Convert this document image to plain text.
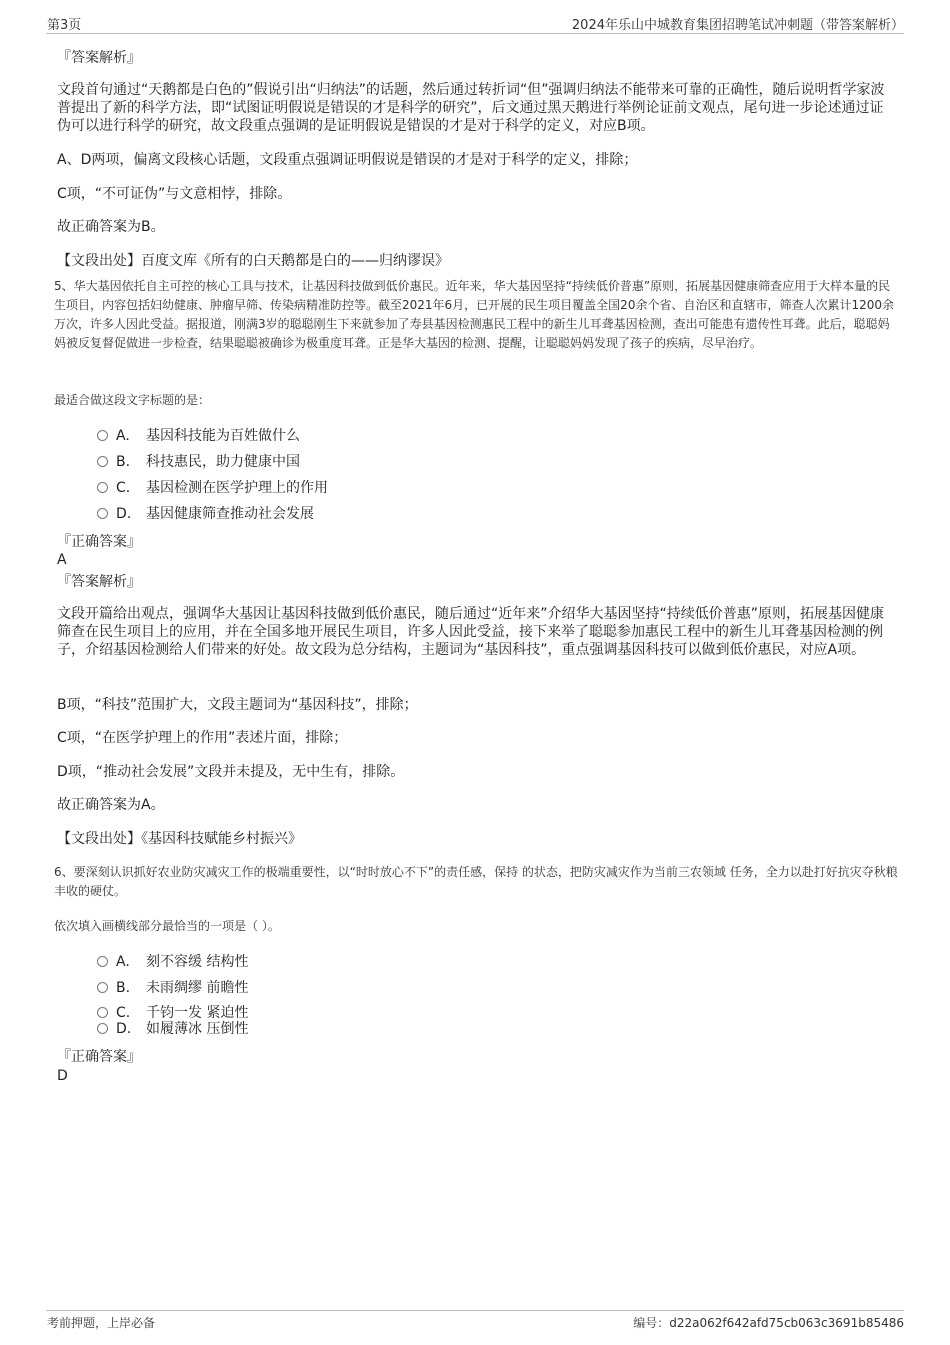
第3页	2024年乐山中城教育集团招聘笔试冲刺题（带答案解析）
『答案解析』
文段首句通过“天鹅都是白色的”假说引出“归纳法”的话题，然后通过转折词“但”强调归纳法不能带来可靠的正确性，随后说明哲学家波普提出了新的科学方法，即“试图证明假说是错误的才是科学的研究”，后文通过黑天鹅进行举例论证前文观点，尾句进一步论述通过证伪可以进行科学的研究，故文段重点强调的是证明假说是错误的才是对于科学的定义，对应B项。
A、D两项，偏离文段核心话题，文段重点强调证明假说是错误的才是对于科学的定义，排除；
C项，“不可证伪”与文意相悖，排除。
故正确答案为B。
【文段出处】百度文库《所有的白天鹅都是白的——归纳谬误》
5、华大基因依托自主可控的核心工具与技术，让基因科技做到低价惠民。近年来，华大基因坚持“持续低价普惠”原则，拓展基因健康筛查应用于大样本量的民生项目，内容包括妇幼健康、肿瘤早筛、传染病精准防控等。截至2021年6月，已开展的民生项目覆盖全国20余个省、自治区和直辖市，筛查人次累计1200余万次，许多人因此受益。据报道，刚满3岁的聪聪刚生下来就参加了寿县基因检测惠民工程中的新生儿耳聋基因检测，查出可能患有遗传性耳聋。此后，聪聪妈妈被反复督促做进一步检查，结果聪聪被确诊为极重度耳聋。正是华大基因的检测、提醒，让聪聪妈妈发现了孩子的疾病，尽早治疗。
最适合做这段文字标题的是：
A. 基因科技能为百姓做什么
B. 科技惠民，助力健康中国
C. 基因检测在医学护理上的作用
D. 基因健康筛查推动社会发展
『正确答案』
A
『答案解析』
文段开篇给出观点，强调华大基因让基因科技做到低价惠民，随后通过“近年来”介绍华大基因坚持“持续低价普惠”原则，拓展基因健康筛查在民生项目上的应用，并在全国多地开展民生项目，许多人因此受益，接下来举了聪聪参加惠民工程中的新生儿耳聋基因检测的例子，介绍基因检测给人们带来的好处。故文段为总分结构，主题词为“基因科技”，重点强调基因科技可以做到低价惠民，对应A项。
B项，“科技”范围扩大，文段主题词为“基因科技”，排除；
C项，“在医学护理上的作用”表述片面，排除；
D项，“推动社会发展”文段并未提及，无中生有，排除。
故正确答案为A。
【文段出处】《基因科技赋能乡村振兴》
6、要深刻认识抓好农业防灾减灾工作的极端重要性，以“时时放心不下”的责任感，保持 的状态，把防灾减灾作为当前三农领域 任务，全力以赴打好抗灾夺秋粮丰收的硬仗。
依次填入画横线部分最恰当的一项是（ ）。
A. 刻不容缓 结构性
B. 未雨绸缪 前瞻性
C. 千钧一发 紧迫性
D. 如履薄冰 压倒性
『正确答案』
D
考前押题，上岸必备	编号：d22a062f642afd75cb063c3691b85486
